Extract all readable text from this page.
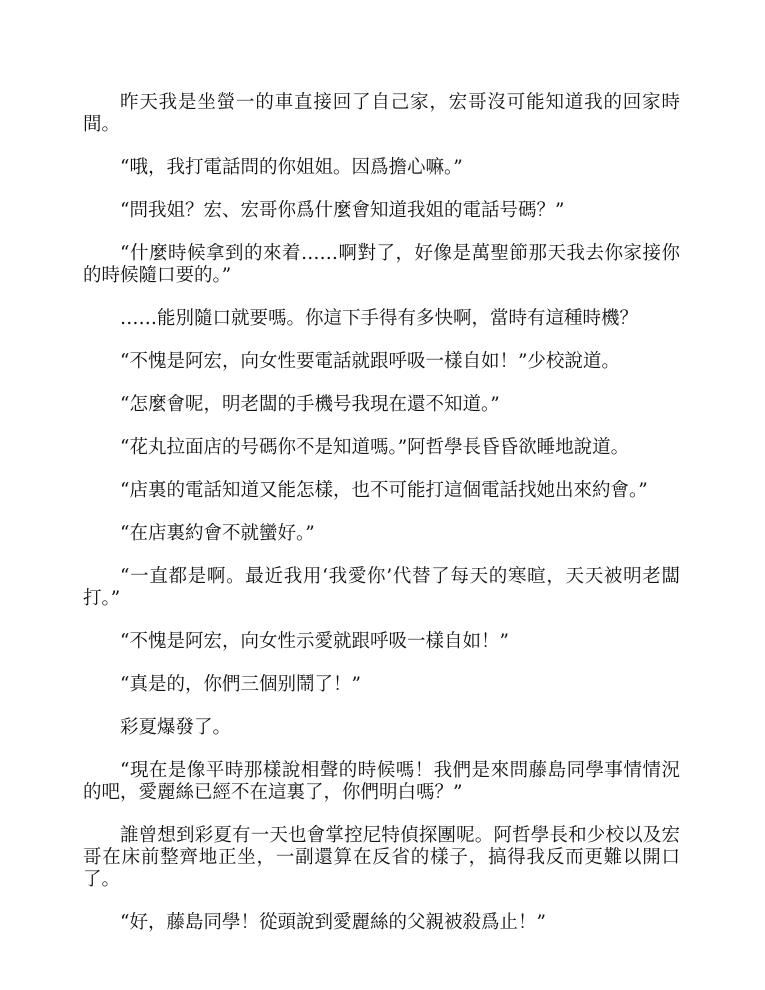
昨天我是坐螢一的車直接回了自己家，宏哥沒可能知道我的回家時間。

“哦，我打電話問的你姐姐。因爲擔心嘛。”

“問我姐？宏、宏哥你爲什麼會知道我姐的電話号碼？”

“什麼時候拿到的來着……啊對了，好像是萬聖節那天我去你家接你的時候隨口要的。”

……能別隨口就要嗎。你這下手得有多快啊，當時有這種時機？

“不愧是阿宏，向女性要電話就跟呼吸一樣自如！”少校說道。

“怎麼會呢，明老闆的手機号我現在還不知道。”

“花丸拉面店的号碼你不是知道嗎。”阿哲學長昏昏欲睡地說道。

“店裏的電話知道又能怎樣，也不可能打這個電話找她出來約會。”

“在店裏約會不就蠻好。”

“一直都是啊。最近我用‘我愛你’代替了每天的寒暄，天天被明老闆打。”

“不愧是阿宏，向女性示愛就跟呼吸一樣自如！”

“真是的，你們三個别鬧了！”

彩夏爆發了。

“現在是像平時那樣說相聲的時候嗎！我們是來問藤島同學事情情況的吧，愛麗絲已經不在這裏了，你們明白嗎？”

誰曾想到彩夏有一天也會掌控尼特偵探團呢。阿哲學長和少校以及宏哥在床前整齊地正坐，一副還算在反省的樣子，搞得我反而更難以開口了。

“好，藤島同學！從頭說到愛麗絲的父親被殺爲止！”
